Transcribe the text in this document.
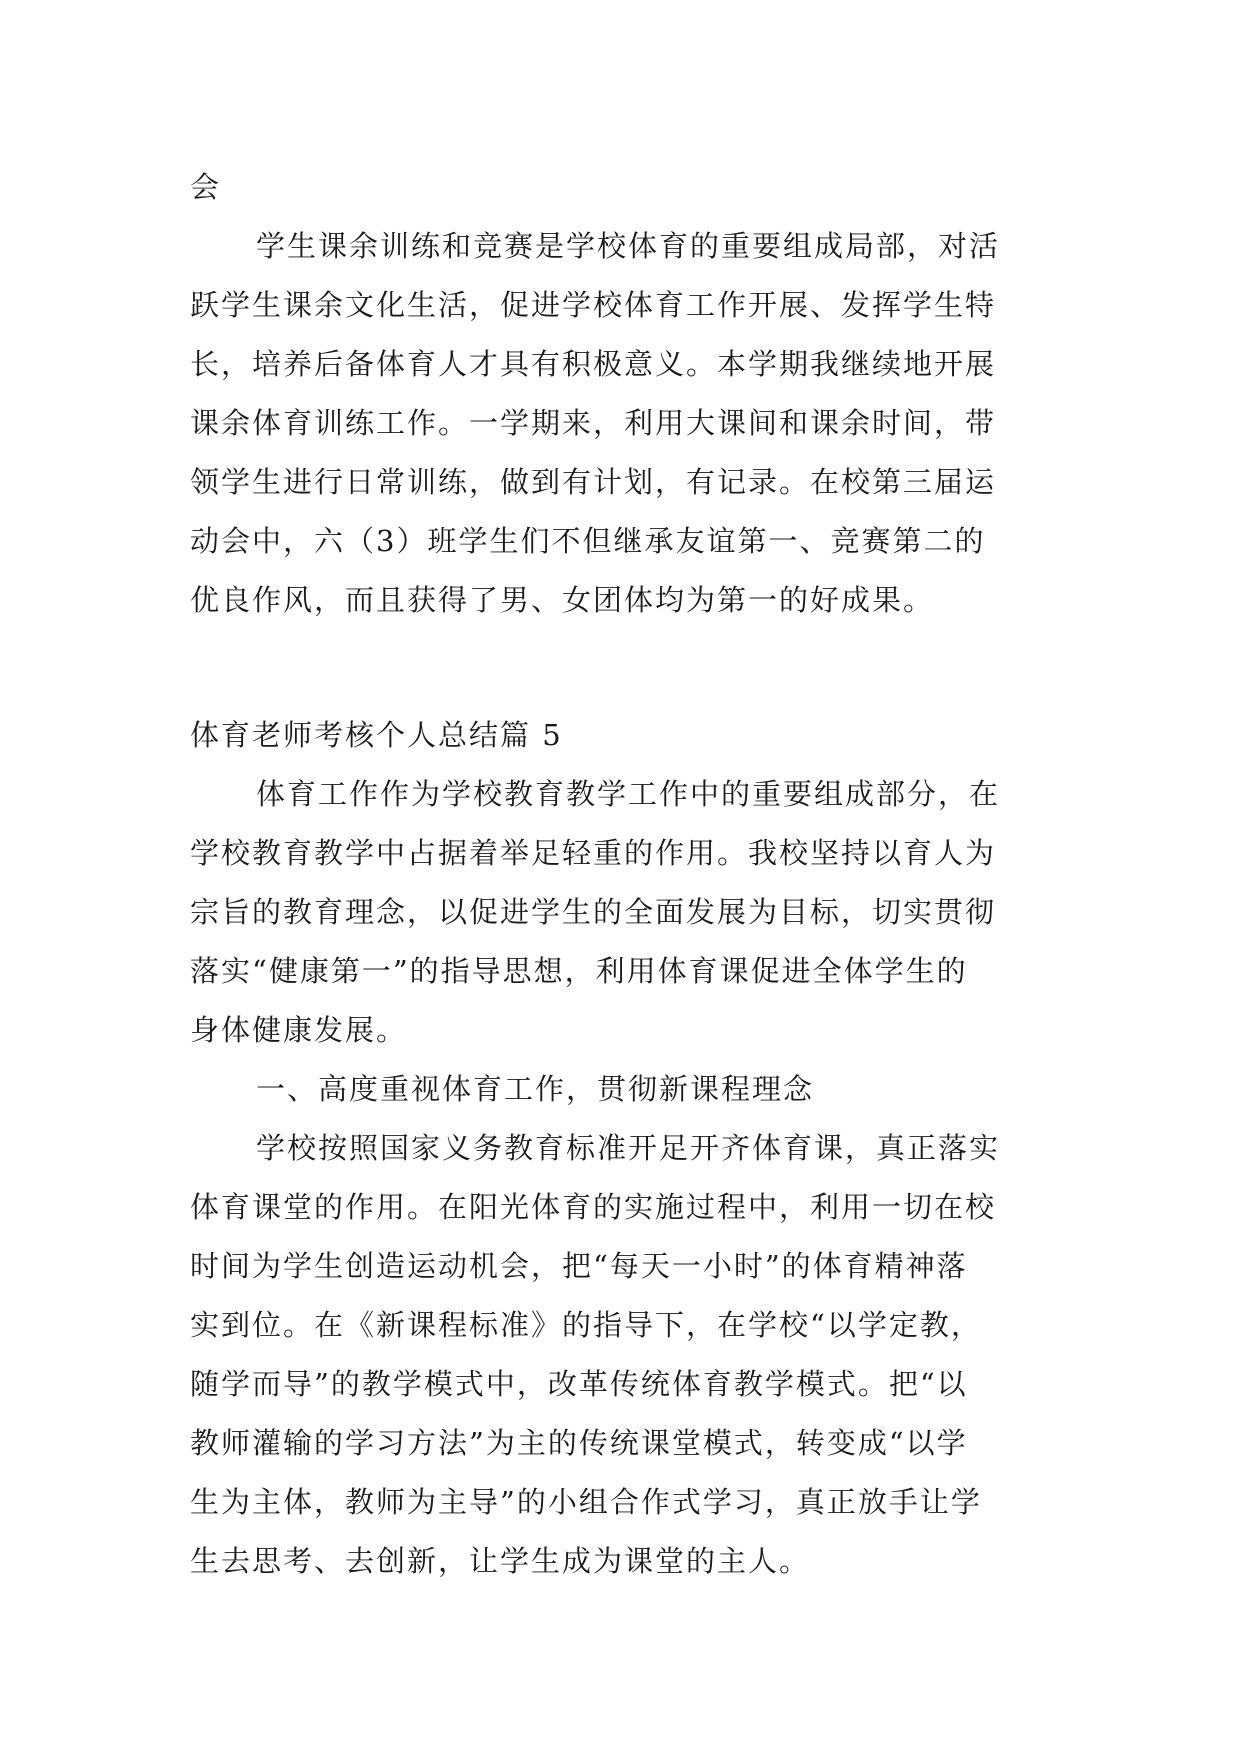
会
学生课余训练和竞赛是学校体育的重要组成局部，对活
跃学生课余文化生活，促进学校体育工作开展、发挥学生特
长，培养后备体育人才具有积极意义。本学期我继续地开展
课余体育训练工作。一学期来，利用大课间和课余时间，带
领学生进行日常训练，做到有计划，有记录。在校第三届运
动会中，六（3）班学生们不但继承友谊第一、竞赛第二的
优良作风，而且获得了男、女团体均为第一的好成果。
体育老师考核个人总结篇 5
体育工作作为学校教育教学工作中的重要组成部分，在
学校教育教学中占据着举足轻重的作用。我校坚持以育人为
宗旨的教育理念，以促进学生的全面发展为目标，切实贯彻
落实“健康第一”的指导思想，利用体育课促进全体学生的
身体健康发展。
一、高度重视体育工作，贯彻新课程理念
学校按照国家义务教育标准开足开齐体育课，真正落实
体育课堂的作用。在阳光体育的实施过程中，利用一切在校
时间为学生创造运动机会，把“每天一小时”的体育精神落
实到位。在《新课程标准》的指导下，在学校“以学定教，
随学而导”的教学模式中，改革传统体育教学模式。把“以
教师灌输的学习方法”为主的传统课堂模式，转变成“以学
生为主体，教师为主导”的小组合作式学习，真正放手让学
生去思考、去创新，让学生成为课堂的主人。
